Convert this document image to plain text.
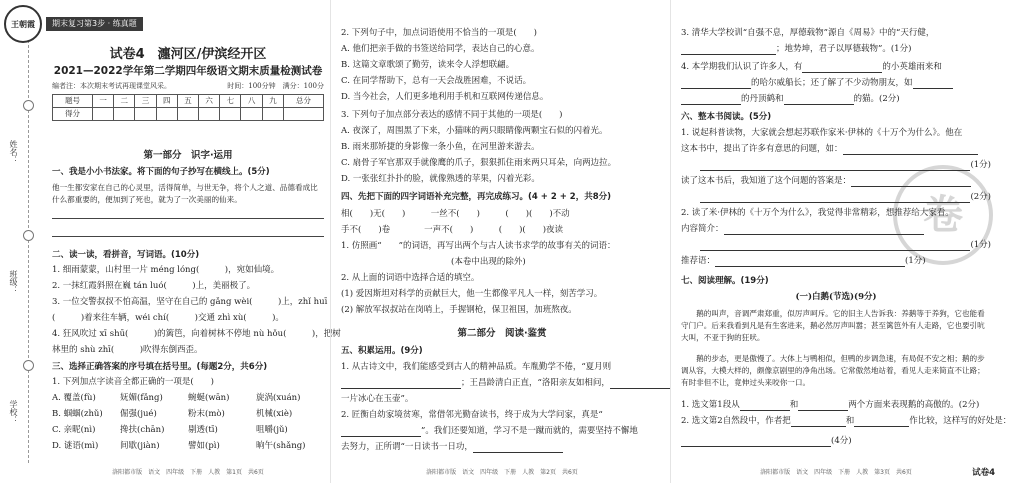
姓名：
班级：
学校：
王朝霞	期末复习第3步 · 练真题
试卷4　瀍河区/伊滨经开区
2021—2022学年第二学期四年级语文期末质量检测试卷
编者注：本次期末考试再现课堂风采。	时间：100分钟　满分：100分
题号	一	二	三	四	五	六	七	八	九	总分
得分										
第一部分　识字·运用
一、我是小小书法家。将下面的句子抄写在横线上。(5分)
他一生都安家在自己的心灵里，活得简单，与世无争，将个人之道、品德看成比什么都重要的，便加到了死也，就为了一次美丽的仙来。
二、读一读，看拼音，写词语。(10分)
1. 细雨蒙蒙，山村里一片 méng lóng(　　　)，宛如仙境。
2. 一抹红霞斜照在巍 tán luó(　　　)上，美丽极了。
3. 一位交警叔叔不怕高温，坚守在自己的 gǎng wèi(　　　)上，zhǐ huī
(　　　)着来往车辆，wéi chí(　　　)交通 zhì xù(　　　)。
4. 狂风吹过 xī shū(　　　)的篱笆，向着树林不停地 nù hǒu(　　　)，把树
林里的 shù zhī(　　　)吹得东倒西歪。
三、选择正确答案的序号填在括号里。(每题2分，共6分)
1. 下列加点字读音全都正确的一项是(　　)
A. 覆盖(fù)	妩媚(fǎng)	蜿蜒(wān)	旋涡(xuán)
B. 蝈蝈(zhǔ)	倔强(jué)	粉末(mò)	机械(xiè)
C. 亲昵(nì)	搀扶(chān)	剔透(tī)	咀嚼(jǔ)
D. 谜语(mì)	间歇(jiàn)	譬如(pì)	晌午(shǎng)
洛阳都市版　语文　四年级　下册　人教　第1页　共6页
2. 下列句子中，加点词语使用不恰当的一项是(　　)
A. 他们把亲手做的书签送给同学，表达自己的心意。
B. 这篇文章歌颂了勤劳，读来令人浮想联翩。
C. 在同学帮助下，总有一天会战胜困难，不说话。
D. 当今社会，人们更多地利用手机和互联网传递信息。
3. 下列句子加点部分表达的感情不同于其他的一项是(　　)
A. 夜深了，周围黑了下来，小猫咪的两只眼睛像两颗宝石似的闪着光。
B. 雨来那矫捷的身影像一条小鱼，在河里游来游去。
C. 扇骨子军官那双手就像鹰的爪子，狠狠抓住雨来两只耳朵，向两边拉。
D. 一张张红扑扑的脸，就像熟透的苹果，闪着光彩。
四、先把下面的四字词语补充完整，再完成练习。(4 + 2 + 2，共8分)
相(　　)无(　　)　　　一丝不(　　)　　　(　　)(　　)不动
手不(　　)卷　　　　一声不(　　)　　　(　　)(　　)夜读
1. 仿照画“　　”的词语，再写出两个与古人读书求学的故事有关的词语：
(本卷中出现的除外)
2. 从上面的词语中选择合适的填空。
(1) 爱因斯坦对科学的贡献巨大，他一生都像平凡人一样，刻苦学习。
(2) 解放军叔叔站在岗哨上，手握钢枪，保卫祖国，加班熬夜。
第二部分　阅读·鉴赏
五、积累运用。(9分)
1. 从古诗文中，我们能感受到古人的精神品质。车胤勤学不倦，“夏月则
；王昌龄清白正直，“洛阳亲友如相问，
一片冰心在玉壶”。
2. 匠衡自幼家境贫寒，常借邻光勤奋读书，终于成为大学问家，真是“
”。我们还要知道，学习不是一蹴而就的，需要坚持不懈地
去努力，正所谓“一日读书一日功，
洛阳都市版　语文　四年级　下册　人教　第2页　共6页
卷
3. 清华大学校训“自强不息，厚德载物”源自《周易》中的“天行健，
；地势坤，君子以厚德载物”。(1分)
4. 本学期我们认识了许多人，有	的小英雄雨来和
的哈尔威船长；还了解了不少动物朋友，如
的丹顶鹤和	的猫。(2分)
六、整本书阅读。(5分)
1. 说起科普读物，大家就会想起苏联作家米·伊林的《十万个为什么》。他在
这本书中，提出了许多有意思的问题，如：
(1分)
读了这本书后，我知道了这个问题的答案是：
(2分)
2. 读了米·伊林的《十万个为什么》，我觉得非常精彩，想推荐给大家看。
内容简介：
(1分)
推荐语：	(1分)
七、阅读理解。(19分)
(一)白鹅(节选)(9分)
鹅的叫声，音调严肃郑重，似厉声呵斥。它的旧主人告诉我：养鹅等于养狗，它也能看守门户。后来我看到凡是有生客进来，鹅必然厉声叫嚣；甚至篱笆外有人走路，它也要引吭大叫，不亚于狗的狂吠。
鹅的步态，更是傲慢了。大体上与鸭相似，但鸭的步调急速，有局促不安之相；鹅的步调从容，大模大样的，颇像京剧里的净角出场。它常傲然地站着，看见人走来简直不让路；有时非但不让，竟伸过头来咬你一口。
1. 选文第1段从	和	两个方面来表现鹅的高傲的。(2分)
2. 选文第2自然段中，作者把	和	作比较，这样写的好处是：
(4分)
洛阳都市版　语文　四年级　下册　人教　第3页　共6页	试卷4
